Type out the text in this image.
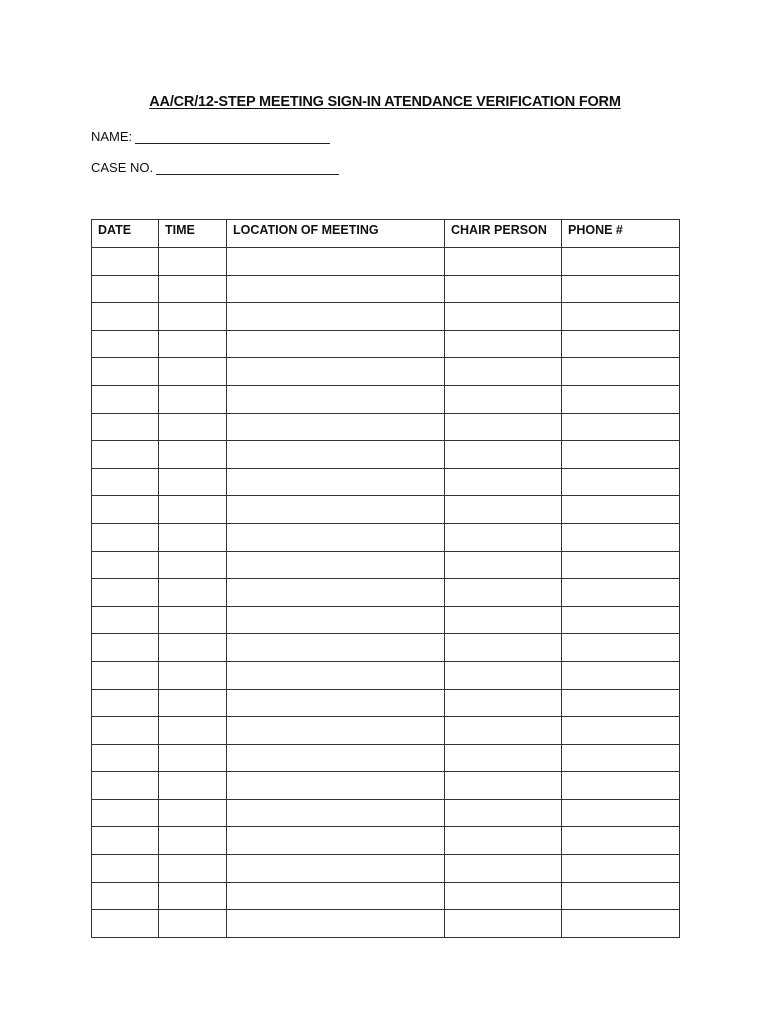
AA/CR/12-STEP MEETING SIGN-IN ATENDANCE VERIFICATION FORM
NAME:
CASE NO.
DATE	TIME	LOCATION OF MEETING	CHAIR PERSON	PHONE #
